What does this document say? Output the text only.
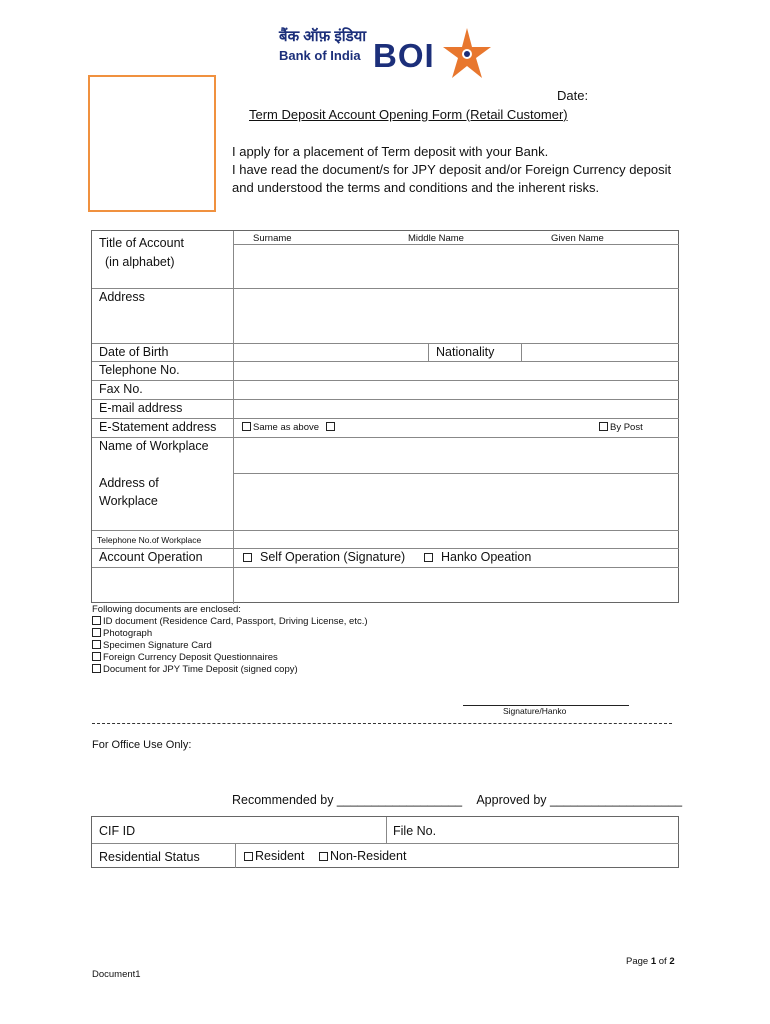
बैंक ऑफ़ इंडिया
Bank of India BOI
Date:
Term Deposit Account Opening Form (Retail Customer)
I apply for a placement of Term deposit with your Bank.
I have read the document/s for JPY deposit and/or Foreign Currency deposit
and understood the terms and conditions and the inherent risks.
Title of Account
(in alphabet)
Surname	Middle Name	Given Name
Address
Date of Birth	Nationality
Telephone No.
Fax No.
E-mail address
E-Statement address	Same as above	By Post
Name of Workplace
Address of
Workplace
Telephone No.of Workplace
Account Operation	Self Operation (Signature)	Hanko Opeation
Following documents are enclosed:
ID document (Residence Card, Passport, Driving License, etc.)
Photograph
Specimen Signature Card
Foreign Currency Deposit Questionnaires
Document for JPY Time Deposit (signed copy)
Signature/Hanko
For Office Use Only:
Recommended by __________________ Approved by ___________________
CIF ID	File No.
Residential Status	Resident	Non-Resident
Page 1 of 2
Document1
